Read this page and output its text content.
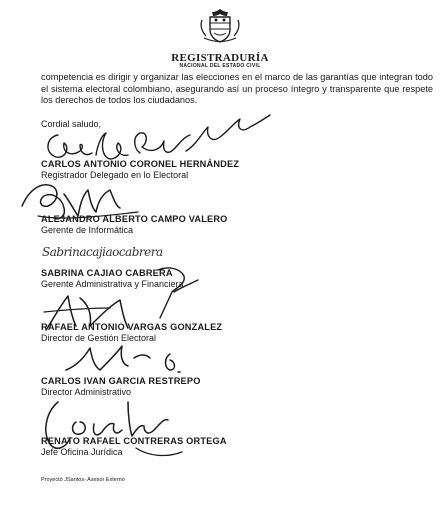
REGISTRADURÍA
NACIONAL DEL ESTADO CIVIL

competencia es dirigir y organizar las elecciones en el marco de las garantías que integran todo el sistema electoral colombiano, asegurando así un proceso íntegro y transparente que respete los derechos de todos los ciudadanos.

Cordial saludo,
CARLOS ANTONIO CORONEL HERNÁNDEZ
Registrador Delegado en lo Electoral
ALEJANDRO ALBERTO CAMPO VALERO
Gerente de Informática
Sabrinacajiaocabrera
SABRINA CAJIAO CABRERA
Gerente Administrativa y Financiera
RAFAEL ANTONIO VARGAS GONZALEZ
Director de Gestión Electoral
CARLOS IVAN GARCIA RESTREPO
Director Administrativo
RENATO RAFAEL CONTRERAS ORTEGA
Jefe Oficina Jurídica
Proyectó JSantos- Asesor Externo
